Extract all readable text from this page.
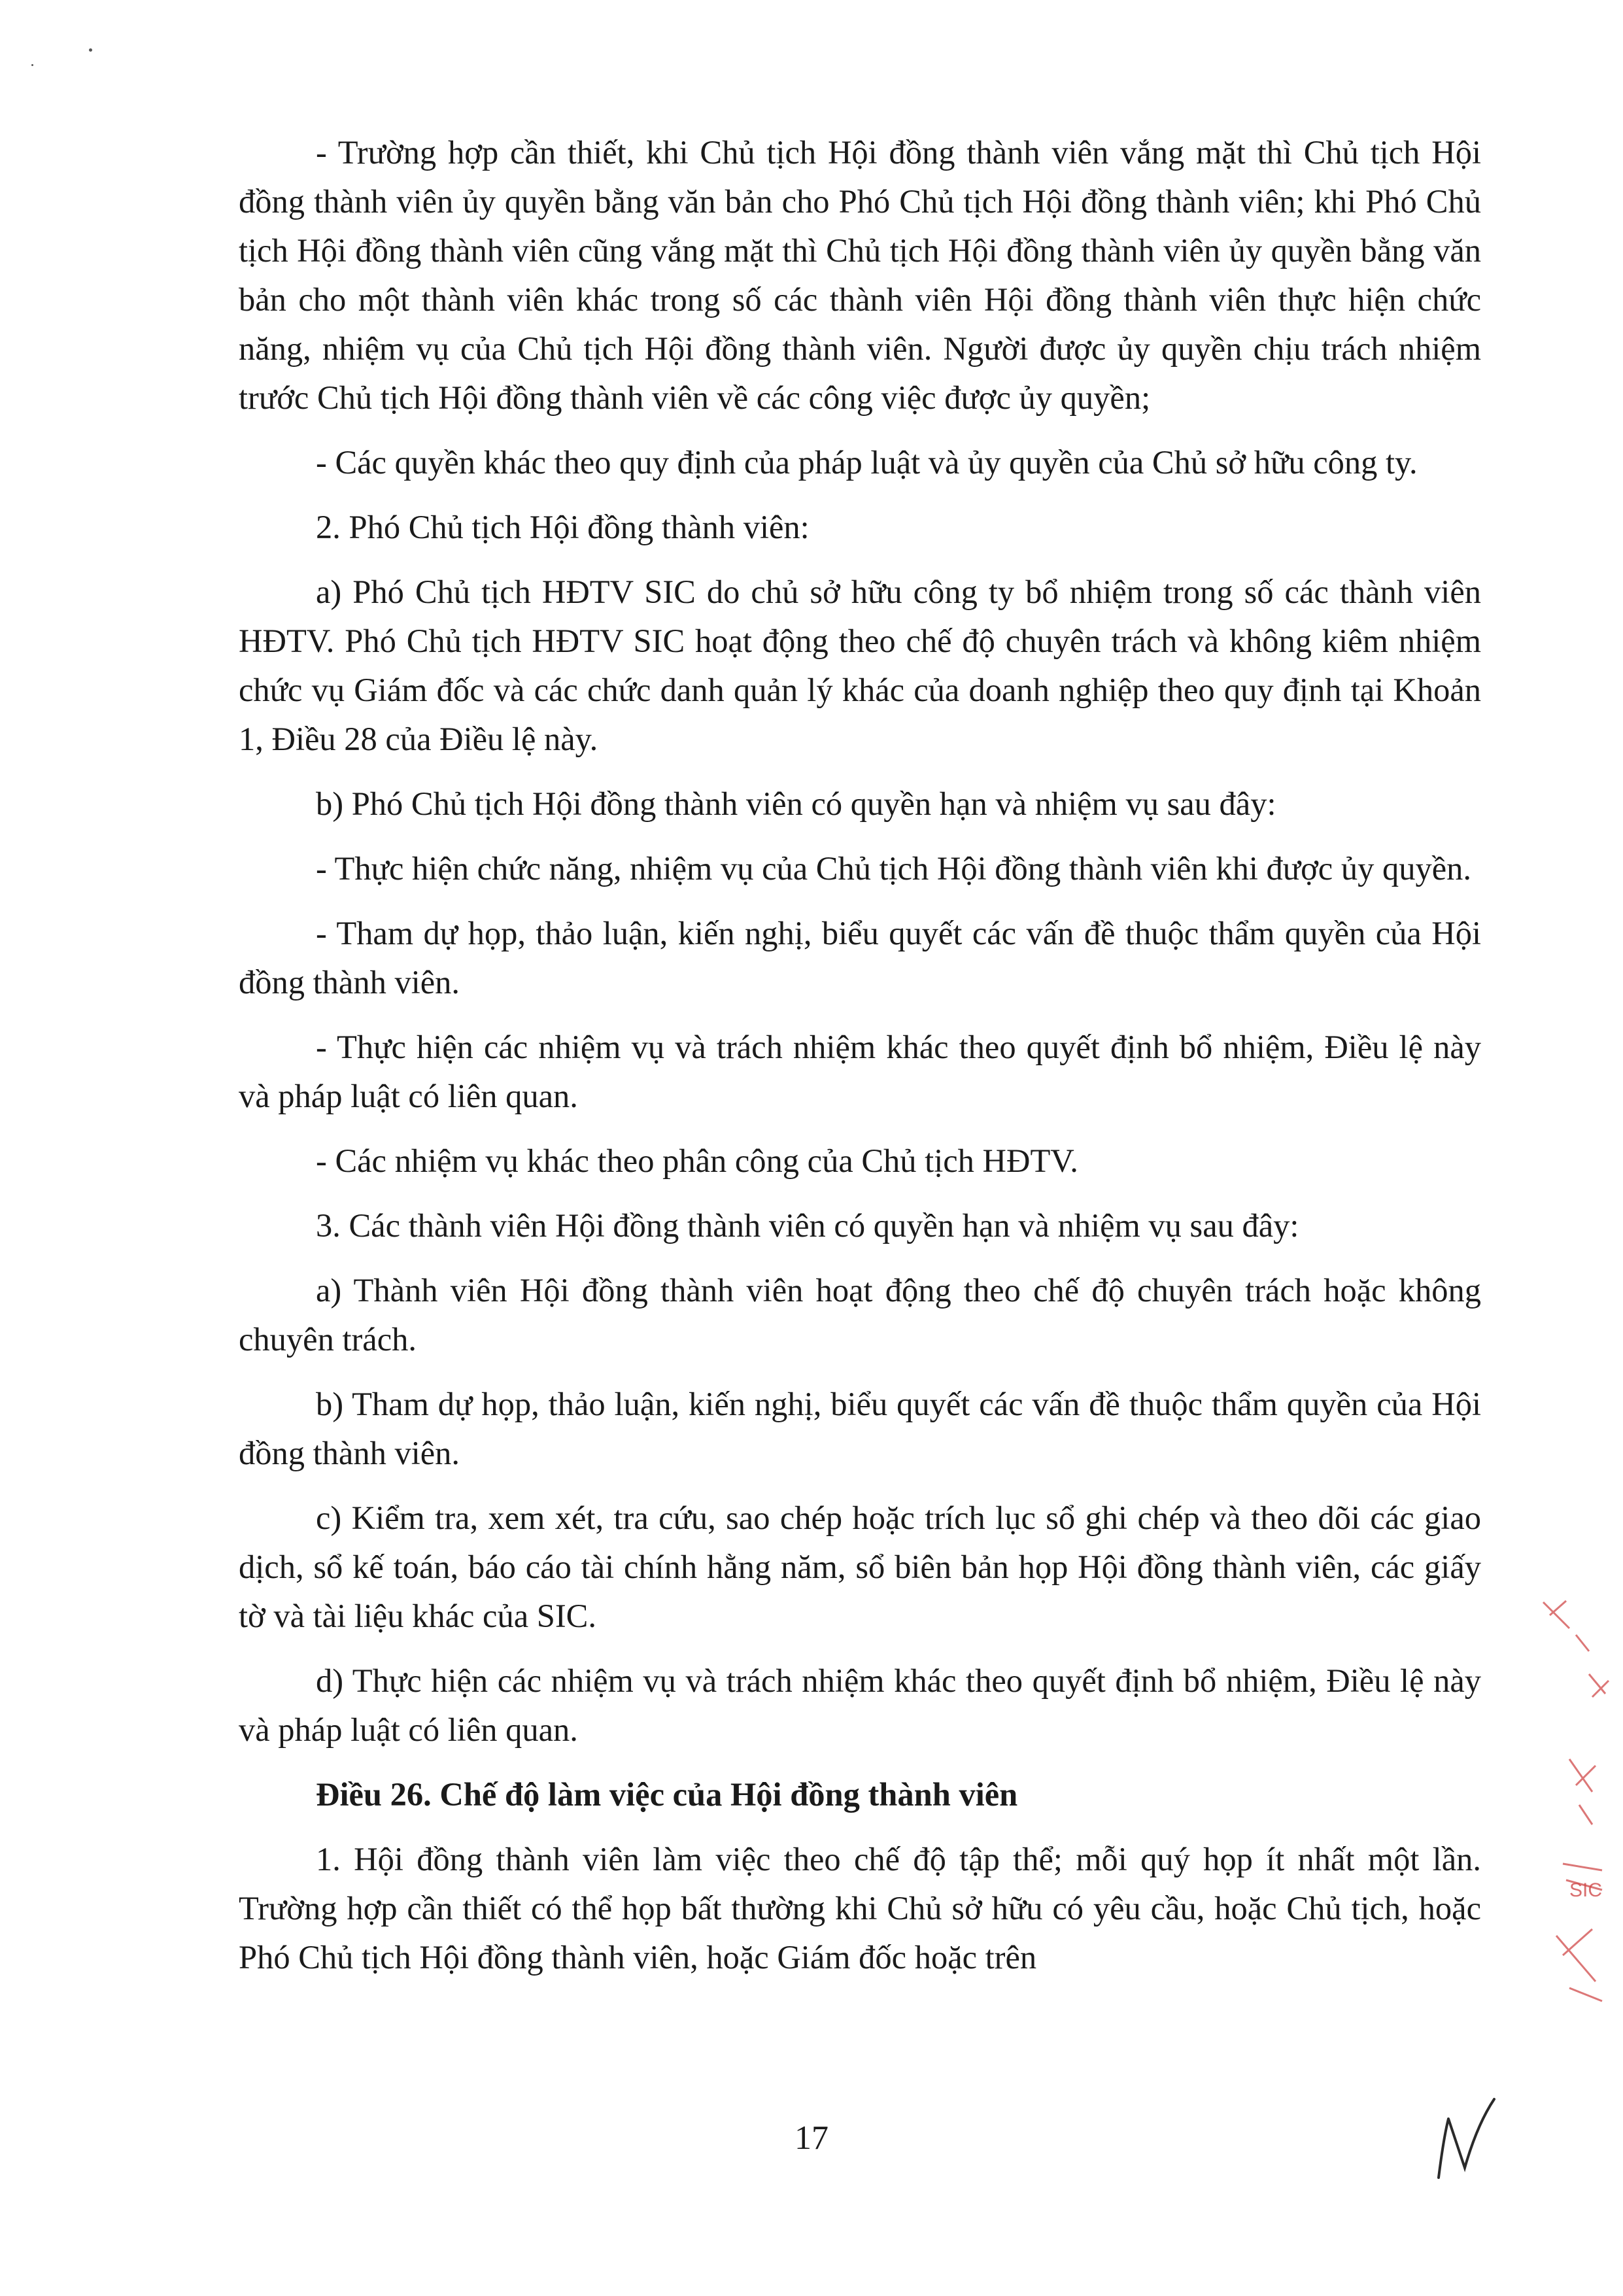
- Trường hợp cần thiết, khi Chủ tịch Hội đồng thành viên vắng mặt thì Chủ tịch Hội đồng thành viên ủy quyền bằng văn bản cho Phó Chủ tịch Hội đồng thành viên; khi Phó Chủ tịch Hội đồng thành viên cũng vắng mặt thì Chủ tịch Hội đồng thành viên ủy quyền bằng văn bản cho một thành viên khác trong số các thành viên Hội đồng thành viên thực hiện chức năng, nhiệm vụ của Chủ tịch Hội đồng thành viên. Người được ủy quyền chịu trách nhiệm trước Chủ tịch Hội đồng thành viên về các công việc được ủy quyền;

- Các quyền khác theo quy định của pháp luật và ủy quyền của Chủ sở hữu công ty.

2. Phó Chủ tịch Hội đồng thành viên:

a) Phó Chủ tịch HĐTV SIC do chủ sở hữu công ty bổ nhiệm trong số các thành viên HĐTV. Phó Chủ tịch HĐTV SIC hoạt động theo chế độ chuyên trách và không kiêm nhiệm chức vụ Giám đốc và các chức danh quản lý khác của doanh nghiệp theo quy định tại Khoản 1, Điều 28 của Điều lệ này.

b) Phó Chủ tịch Hội đồng thành viên có quyền hạn và nhiệm vụ sau đây:

- Thực hiện chức năng, nhiệm vụ của Chủ tịch Hội đồng thành viên khi được ủy quyền.

- Tham dự họp, thảo luận, kiến nghị, biểu quyết các vấn đề thuộc thẩm quyền của Hội đồng thành viên.

- Thực hiện các nhiệm vụ và trách nhiệm khác theo quyết định bổ nhiệm, Điều lệ này và pháp luật có liên quan.

- Các nhiệm vụ khác theo phân công của Chủ tịch HĐTV.

3. Các thành viên Hội đồng thành viên có quyền hạn và nhiệm vụ sau đây:

a) Thành viên Hội đồng thành viên hoạt động theo chế độ chuyên trách hoặc không chuyên trách.

b) Tham dự họp, thảo luận, kiến nghị, biểu quyết các vấn đề thuộc thẩm quyền của Hội đồng thành viên.

c) Kiểm tra, xem xét, tra cứu, sao chép hoặc trích lục sổ ghi chép và theo dõi các giao dịch, sổ kế toán, báo cáo tài chính hằng năm, sổ biên bản họp Hội đồng thành viên, các giấy tờ và tài liệu khác của SIC.

d) Thực hiện các nhiệm vụ và trách nhiệm khác theo quyết định bổ nhiệm, Điều lệ này và pháp luật có liên quan.

Điều 26. Chế độ làm việc của Hội đồng thành viên

1. Hội đồng thành viên làm việc theo chế độ tập thể; mỗi quý họp ít nhất một lần. Trường hợp cần thiết có thể họp bất thường khi Chủ sở hữu có yêu cầu, hoặc Chủ tịch, hoặc Phó Chủ tịch Hội đồng thành viên, hoặc Giám đốc hoặc trên

17
SIC
